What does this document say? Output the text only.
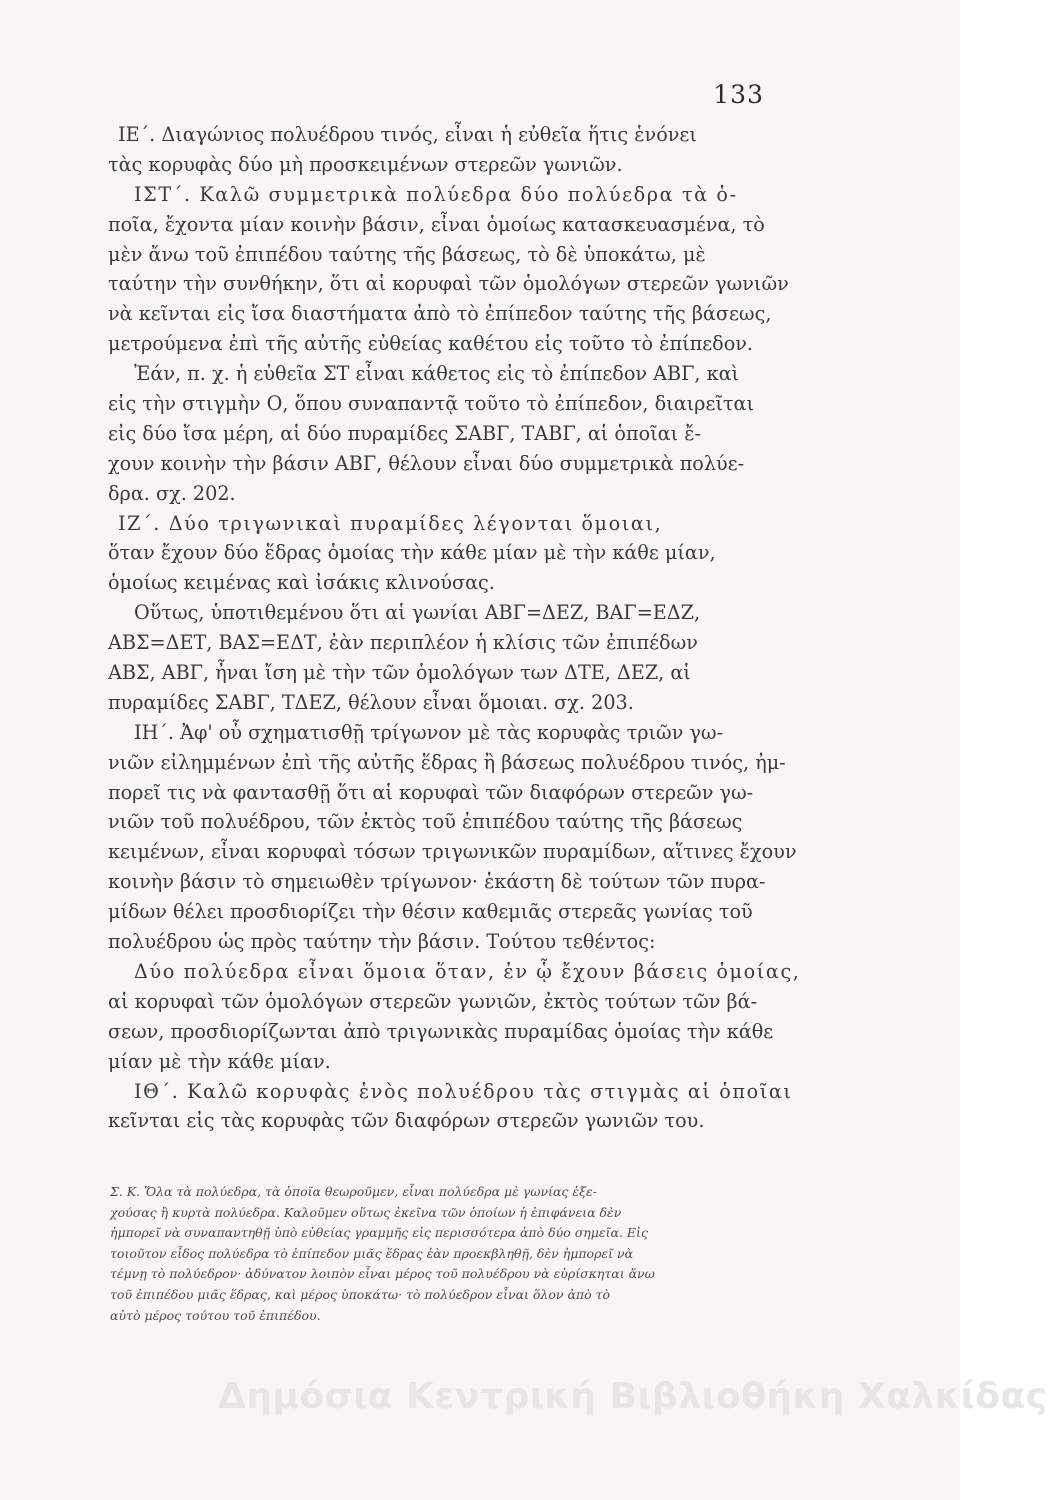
133
ΙΕ΄. Διαγώνιος πολυέδρου τινός, εἶναι ἡ εὐθεῖα ἥτις ἑνόνει
τὰς κορυφὰς δύο μὴ προσκειμένων στερεῶν γωνιῶν.
ΙΣΤ΄. Καλῶ συμμετρικὰ πολύεδρα δύο πολύεδρα τὰ ὁ-
ποῖα, ἔχοντα μίαν κοινὴν βάσιν, εἶναι ὁμοίως κατασκευασμένα, τὸ
μὲν ἄνω τοῦ ἐπιπέδου ταύτης τῆς βάσεως, τὸ δὲ ὑποκάτω, μὲ
ταύτην τὴν συνθήκην, ὅτι αἱ κορυφαὶ τῶν ὁμολόγων στερεῶν γωνιῶν
νὰ κεῖνται εἰς ἴσα διαστήματα ἀπὸ τὸ ἐπίπεδον ταύτης τῆς βάσεως,
μετρούμενα ἐπὶ τῆς αὐτῆς εὐθείας καθέτου εἰς τοῦτο τὸ ἐπίπεδον.
Ἐάν, π. χ. ἡ εὐθεῖα ΣΤ εἶναι κάθετος εἰς τὸ ἐπίπεδον ΑΒΓ, καὶ
εἰς τὴν στιγμὴν Ο, ὅπου συναπαντᾷ τοῦτο τὸ ἐπίπεδον, διαιρεῖται
εἰς δύο ἴσα μέρη, αἱ δύο πυραμίδες ΣΑΒΓ, ΤΑΒΓ, αἱ ὁποῖαι ἔ-
χουν κοινὴν τὴν βάσιν ΑΒΓ, θέλουν εἶναι δύο συμμετρικὰ πολύε-
δρα. σχ. 202.
ΙΖ΄. Δύο τριγωνικαὶ πυραμίδες λέγονται ὅμοιαι,
ὅταν ἔχουν δύο ἕδρας ὁμοίας τὴν κάθε μίαν μὲ τὴν κάθε μίαν,
ὁμοίως κειμένας καὶ ἰσάκις κλινούσας.
Οὕτως, ὑποτιθεμένου ὅτι αἱ γωνίαι ΑΒΓ=ΔΕΖ, ΒΑΓ=ΕΔΖ,
ΑΒΣ=ΔΕΤ, ΒΑΣ=ΕΔΤ, ἐὰν περιπλέον ἡ κλίσις τῶν ἐπιπέδων
ΑΒΣ, ΑΒΓ, ἦναι ἴση μὲ τὴν τῶν ὁμολόγων των ΔΤΕ, ΔΕΖ, αἱ
πυραμίδες ΣΑΒΓ, ΤΔΕΖ, θέλουν εἶναι ὅμοιαι. σχ. 203.
ΙΗ΄. Ἀφ' οὗ σχηματισθῇ τρίγωνον μὲ τὰς κορυφὰς τριῶν γω-
νιῶν εἰλημμένων ἐπὶ τῆς αὐτῆς ἕδρας ἢ βάσεως πολυέδρου τινός, ἠμ-
πορεῖ τις νὰ φαντασθῇ ὅτι αἱ κορυφαὶ τῶν διαφόρων στερεῶν γω-
νιῶν τοῦ πολυέδρου, τῶν ἐκτὸς τοῦ ἐπιπέδου ταύτης τῆς βάσεως
κειμένων, εἶναι κορυφαὶ τόσων τριγωνικῶν πυραμίδων, αἵτινες ἔχουν
κοινὴν βάσιν τὸ σημειωθὲν τρίγωνον· ἑκάστη δὲ τούτων τῶν πυρα-
μίδων θέλει προσδιορίζει τὴν θέσιν καθεμιᾶς στερεᾶς γωνίας τοῦ
πολυέδρου ὡς πρὸς ταύτην τὴν βάσιν. Τούτου τεθέντος:
Δύο πολύεδρα εἶναι ὅμοια ὅταν, ἐν ᾧ ἔχουν βάσεις ὁμοίας,
αἱ κορυφαὶ τῶν ὁμολόγων στερεῶν γωνιῶν, ἐκτὸς τούτων τῶν βά-
σεων, προσδιορίζωνται ἀπὸ τριγωνικὰς πυραμίδας ὁμοίας τὴν κάθε
μίαν μὲ τὴν κάθε μίαν.
ΙΘ΄. Καλῶ κορυφὰς ἑνὸς πολυέδρου τὰς στιγμὰς αἱ ὁποῖαι
κεῖνται εἰς τὰς κορυφὰς τῶν διαφόρων στερεῶν γωνιῶν του.
Σ. Κ. Ὅλα τὰ πολύεδρα, τὰ ὁποῖα θεωροῦμεν, εἶναι πολύεδρα μὲ γωνίας ἐξε-
χούσας ἢ κυρτὰ πολύεδρα. Καλοῦμεν οὕτως ἐκεῖνα τῶν ὁποίων ἡ ἐπιφάνεια δὲν
ἠμπορεῖ νὰ συναπαντηθῇ ὑπὸ εὐθείας γραμμῆς εἰς περισσότερα ἀπὸ δύο σημεῖα. Εἰς
τοιοῦτον εἶδος πολύεδρα τὸ ἐπίπεδον μιᾶς ἕδρας ἐὰν προεκβληθῇ, δὲν ἠμπορεῖ νὰ
τέμνῃ τὸ πολύεδρον· ἀδύνατον λοιπὸν εἶναι μέρος τοῦ πολυέδρου νὰ εὑρίσκηται ἄνω
τοῦ ἐπιπέδου μιᾶς ἕδρας, καὶ μέρος ὑποκάτω· τὸ πολύεδρον εἶναι ὅλον ἀπὸ τὸ
αὐτὸ μέρος τούτου τοῦ ἐπιπέδου.
Δημόσια Κεντρική Βιβλιοθήκη Χαλκίδας
